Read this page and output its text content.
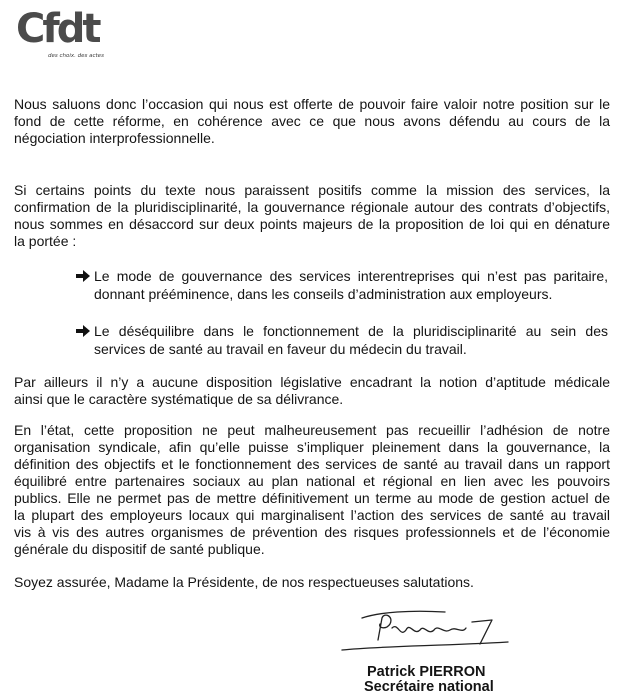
Cfdt
des choix. des actes
Nous saluons donc l’occasion qui nous est offerte de pouvoir faire valoir notre position sur le
fond de cette réforme, en cohérence avec ce que nous avons défendu au cours de la
négociation interprofessionnelle.
Si certains points du texte nous paraissent positifs comme la mission des services, la
confirmation de la pluridisciplinarité, la gouvernance régionale autour des contrats d’objectifs,
nous sommes en désaccord sur deux points majeurs de la proposition de loi qui en dénature
la portée :
Le mode de gouvernance des services interentreprises qui n’est pas paritaire,
donnant prééminence, dans les conseils d’administration aux employeurs.
Le déséquilibre dans le fonctionnement de la pluridisciplinarité au sein des
services de santé au travail en faveur du médecin du travail.
Par ailleurs il n’y a aucune disposition législative encadrant la notion d’aptitude médicale
ainsi que le caractère systématique de sa délivrance.
En l’état, cette proposition ne peut malheureusement pas recueillir l’adhésion de notre
organisation syndicale, afin qu’elle puisse s’impliquer pleinement dans la gouvernance, la
définition des objectifs et le fonctionnement des services de santé au travail dans un rapport
équilibré entre partenaires sociaux au plan national et régional en lien avec les pouvoirs
publics. Elle ne permet pas de mettre définitivement un terme au mode de gestion actuel de
la plupart des employeurs locaux qui marginalisent l’action des services de santé au travail
vis à vis des autres organismes de prévention des risques professionnels et de l’économie
générale du dispositif de santé publique.
Soyez assurée, Madame la Présidente, de nos respectueuses salutations.
Patrick PIERRON
Secrétaire national
